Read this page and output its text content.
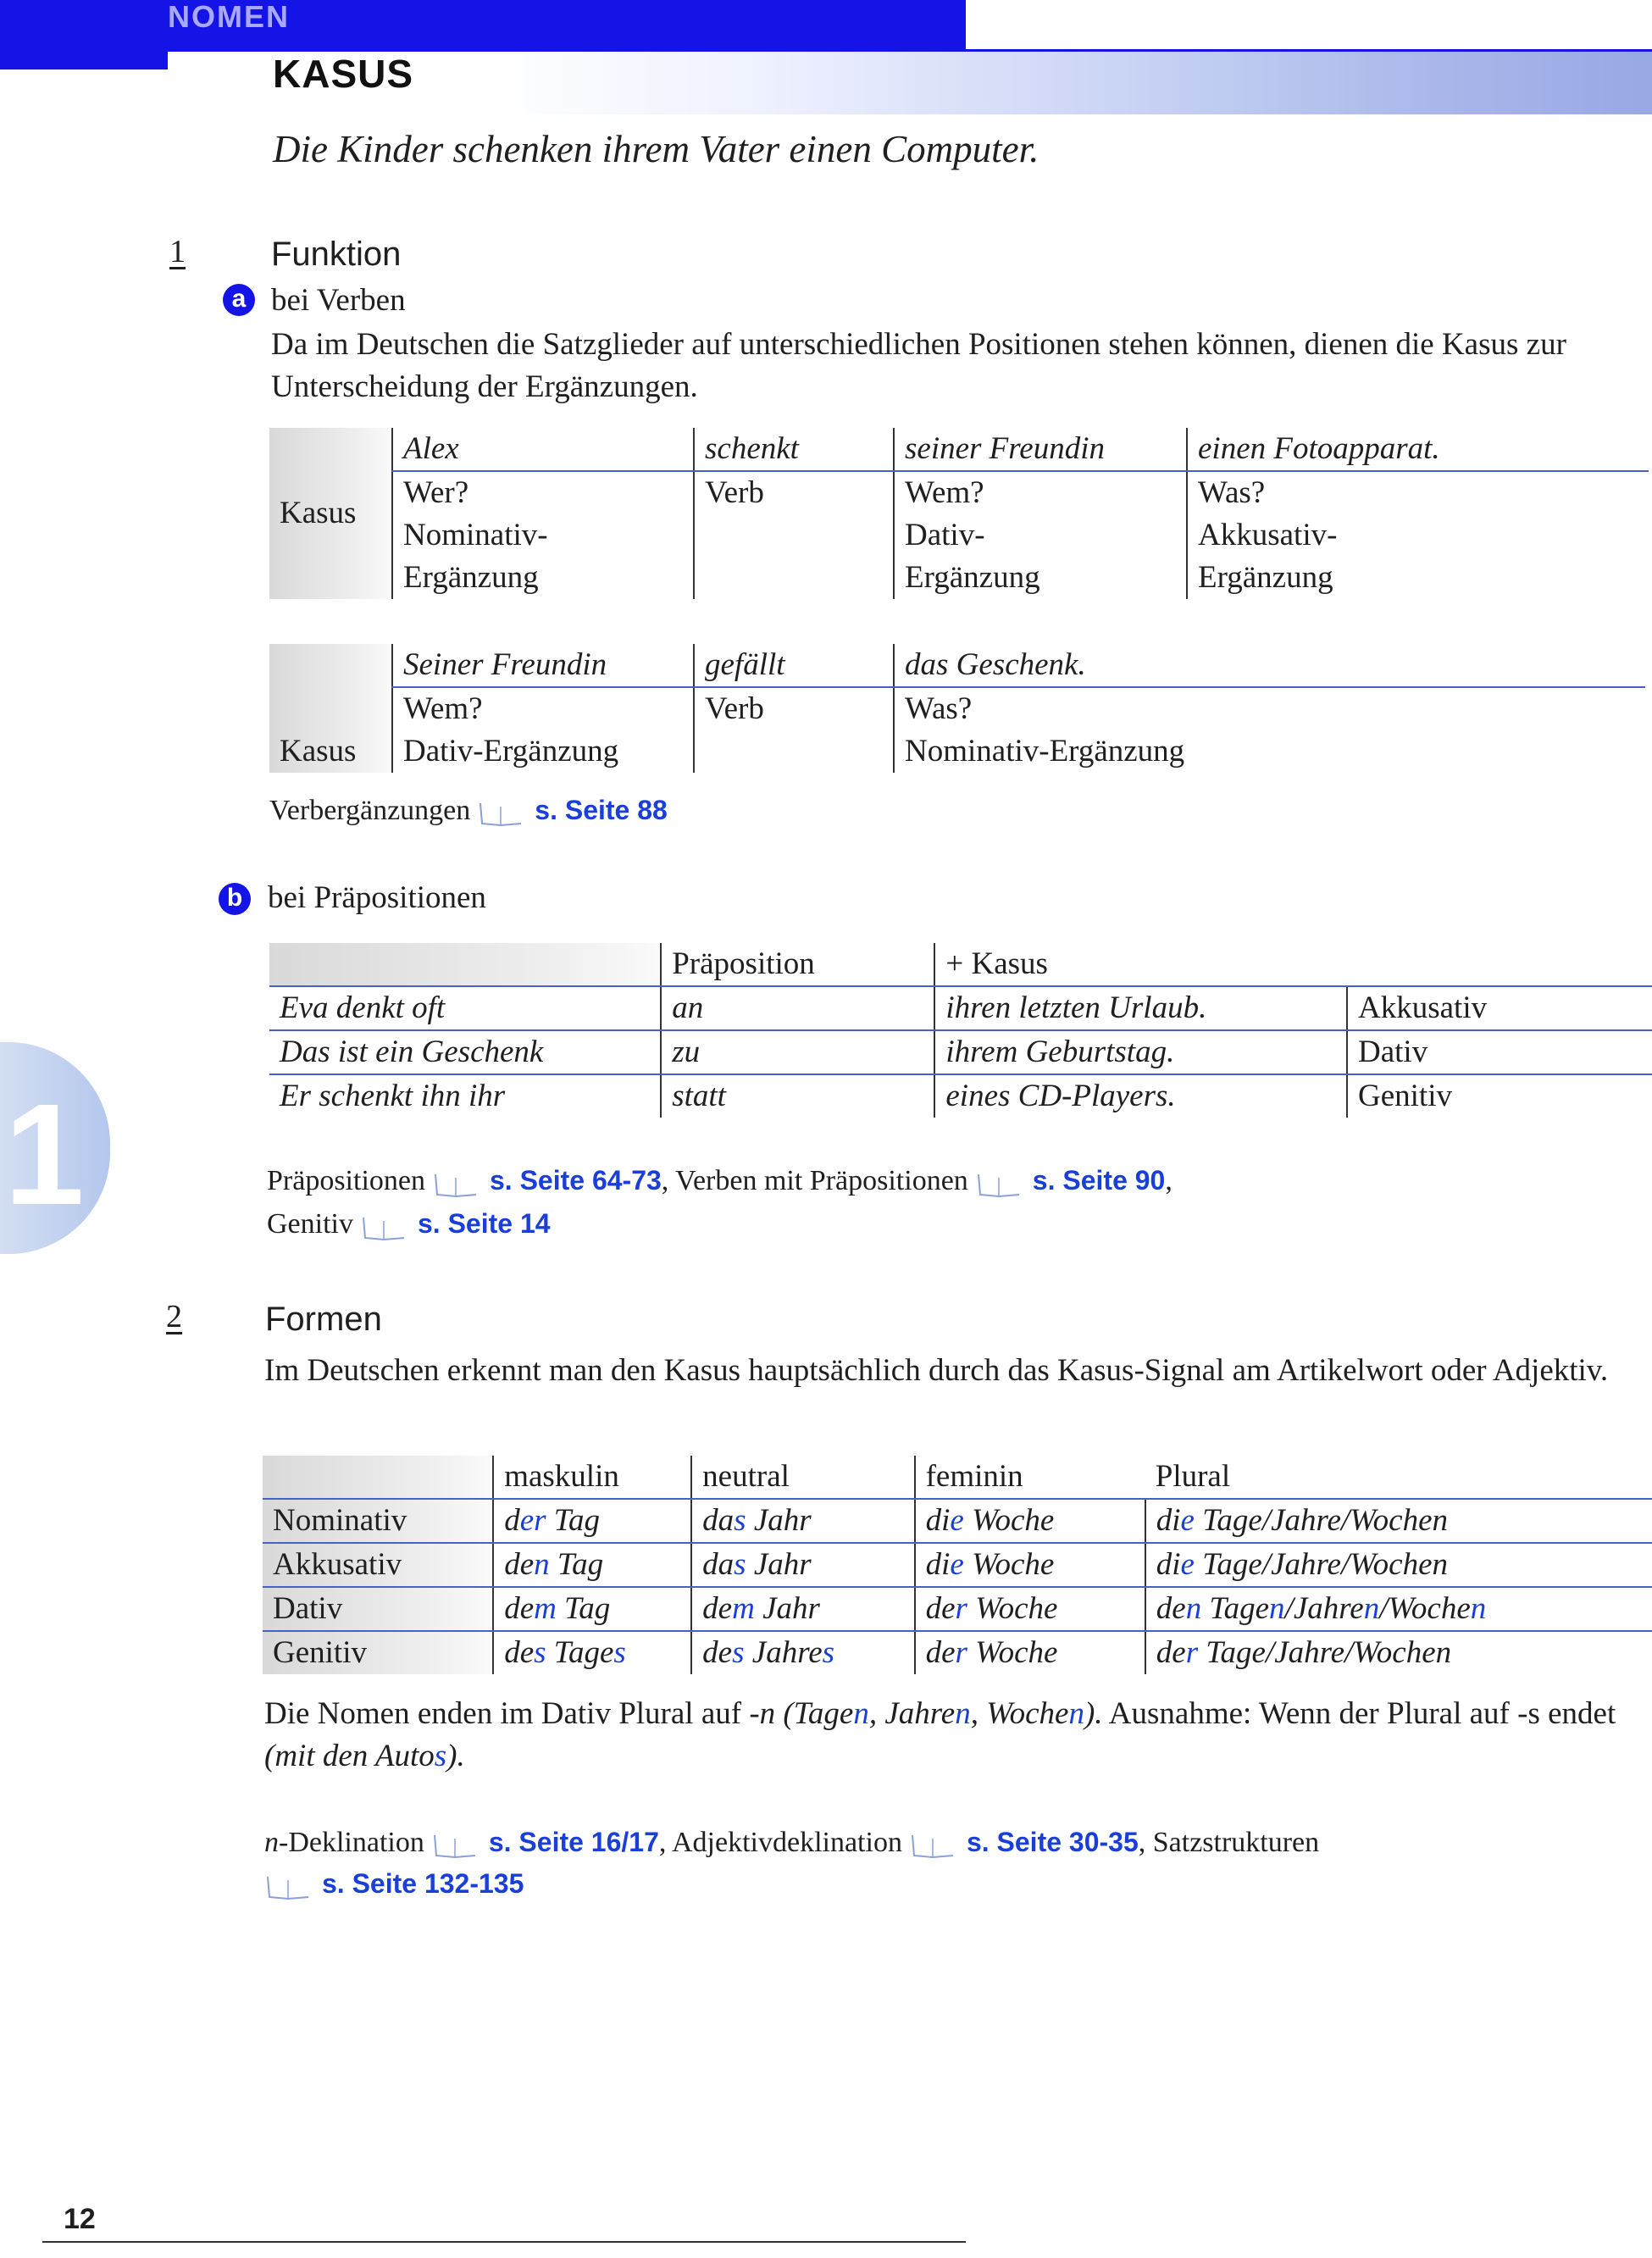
NOMEN
KASUS
Die Kinder schenken ihrem Vater einen Computer.
1	Funktion
a bei Verben
Da im Deutschen die Satzglieder auf unterschiedlichen Positionen stehen können, dienen die Kasus zur Unterscheidung der Ergänzungen.
Kasus	Alex	schenkt	seiner Freundin	einen Fotoapparat.
	Wer?	Verb	Wem?	Was?
	Nominativ-		Dativ-	Akkusativ-
	Ergänzung		Ergänzung	Ergänzung
Kasus	Seiner Freundin	gefällt	das Geschenk.
	Wem?	Verb	Was?
	Dativ-Ergänzung		Nominativ-Ergänzung
Verbergänzungen s. Seite 88
b bei Präpositionen
	Präposition	+ Kasus	
Eva denkt oft	an	ihren letzten Urlaub.	Akkusativ
Das ist ein Geschenk	zu	ihrem Geburtstag.	Dativ
Er schenkt ihn ihr	statt	eines CD-Players.	Genitiv
Präpositionen s. Seite 64-73, Verben mit Präpositionen s. Seite 90,
Genitiv s. Seite 14
2 Formen
Im Deutschen erkennt man den Kasus hauptsächlich durch das Kasus-Signal am Artikelwort oder Adjektiv.
	maskulin	neutral	feminin	Plural
Nominativ	der Tag	das Jahr	die Woche	die Tage/Jahre/Wochen
Akkusativ	den Tag	das Jahr	die Woche	die Tage/Jahre/Wochen
Dativ	dem Tag	dem Jahr	der Woche	den Tagen/Jahren/Wochen
Genitiv	des Tages	des Jahres	der Woche	der Tage/Jahre/Wochen
Die Nomen enden im Dativ Plural auf -n (Tagen, Jahren, Wochen). Ausnahme: Wenn der Plural auf -s endet (mit den Autos).
n-Deklination s. Seite 16/17, Adjektivdeklination s. Seite 30-35, Satzstrukturen
s. Seite 132-135
1
12
